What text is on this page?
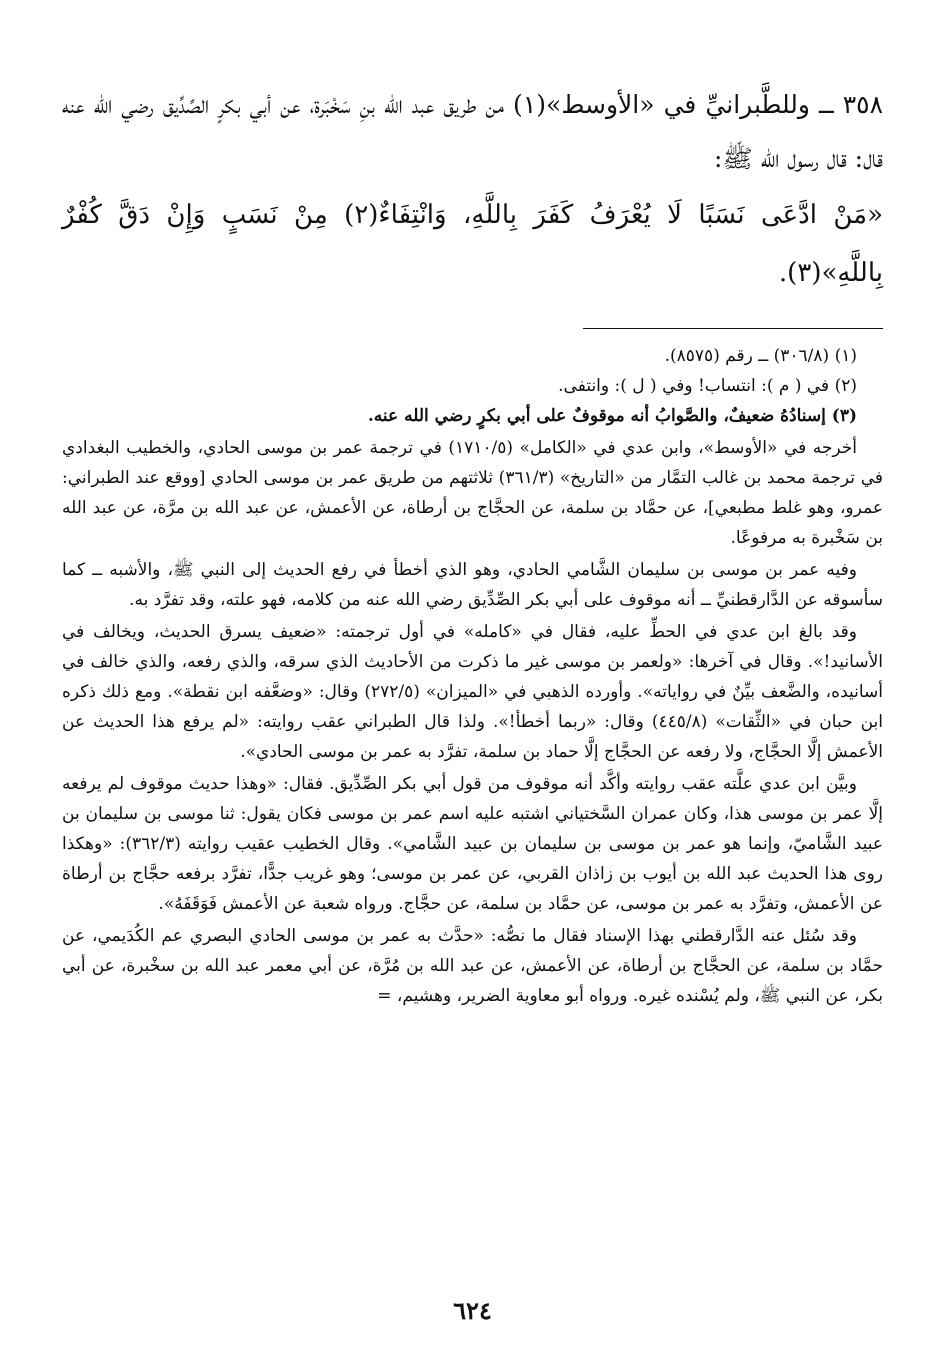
٣٥٨ ــ وللطَّبرانيِّ في «الأوسط»(١) من طريق عبد الله بنِ سَخْبَرة، عن أبي بكرٍ الصِّدِّيق رضي الله عنه قال: قال رسول الله ﷺ:

«مَنْ ادَّعَى نَسَبًا لَا يُعْرَفُ كَفَرَ بِاللَّهِ، وَانْتِفَاءٌ(٢) مِنْ نَسَبٍ وَإِنْ دَقَّ كُفْرٌ بِاللَّهِ»(٣).

(١) (٣٠٦/٨) ــ رقم (٨٥٧٥).

(٢) في ( م ): انتساب! وفي ( ل ): وانتفى.

(٣) إسنادُهُ ضعيفٌ، والصَّوابُ أنه موقوفٌ على أبي بكرٍ رضي الله عنه.

أخرجه في «الأوسط»، وابن عدي في «الكامل» (١٧١٠/٥) في ترجمة عمر بن موسى الحادي، والخطيب البغدادي في ترجمة محمد بن غالب التمَّار من «التاريخ» (٣٦١/٣) ثلاثتهم من طريق عمر بن موسى الحادي [ووقع عند الطبراني: عمرو، وهو غلط مطبعي]، عن حمَّاد بن سلمة، عن الحجَّاج بن أرطاة، عن الأعمش، عن عبد الله بن مرَّة، عن عبد الله بن سَخْبرة به مرفوعًا.

وفيه عمر بن موسى بن سليمان الشَّامي الحادي، وهو الذي أخطأ في رفع الحديث إلى النبي ﷺ، والأشبه ــ كما سأسوقه عن الدَّارقطنيِّ ــ أنه موقوف على أبي بكر الصِّدِّيق رضي الله عنه من كلامه، فهو علته، وقد تفرَّد به.

وقد بالغ ابن عدي في الحطِّ عليه، فقال في «كامله» في أول ترجمته: «ضعيف يسرق الحديث، ويخالف في الأسانيد!». وقال في آخرها: «ولعمر بن موسى غير ما ذكرت من الأحاديث الذي سرقه، والذي رفعه، والذي خالف في أسانيده، والضَّعف بيِّنٌ في رواياته». وأورده الذهبي في «الميزان» (٢٧٢/٥) وقال: «وضعَّفه ابن نقطة». ومع ذلك ذكره ابن حبان في «الثِّقات» (٤٤٥/٨) وقال: «ربما أخطأ!». ولذا قال الطبراني عقب روايته: «لم يرفع هذا الحديث عن الأعمش إلَّا الحجَّاج، ولا رفعه عن الحجَّاج إلَّا حماد بن سلمة، تفرَّد به عمر بن موسى الحادي».

وبيَّن ابن عدي علَّته عقب روايته وأكَّد أنه موقوف من قول أبي بكر الصِّدِّيق. فقال: «وهذا حديث موقوف لم يرفعه إلَّا عمر بن موسى هذا، وكان عمران السَّختياني اشتبه عليه اسم عمر بن موسى فكان يقول: ثنا موسى بن سليمان بن عبيد الشَّاميّ، وإنما هو عمر بن موسى بن سليمان بن عبيد الشَّامي». وقال الخطيب عقيب روايته (٣٦٢/٣): «وهكذا روى هذا الحديث عبد الله بن أيوب بن زاذان القربي، عن عمر بن موسى؛ وهو غريب جدًّا، تفرَّد برفعه حجَّاج بن أرطاة عن الأعمش، وتفرَّد به عمر بن موسى، عن حمَّاد بن سلمة، عن حجَّاج. ورواه شعبة عن الأعمش فَوَقَفَهُ».

وقد سُئل عنه الدَّارقطني بهذا الإسناد فقال ما نصُّه: «حدَّث به عمر بن موسى الحادي البصري عم الكُدَيمي، عن حمَّاد بن سلمة، عن الحجَّاج بن أرطاة، عن الأعمش، عن عبد الله بن مُرَّة، عن أبي معمر عبد الله بن سخْبرة، عن أبي بكر، عن النبي ﷺ، ولم يُسْنده غيره. ورواه أبو معاوية الضرير، وهشيم، =

٦٢٤
